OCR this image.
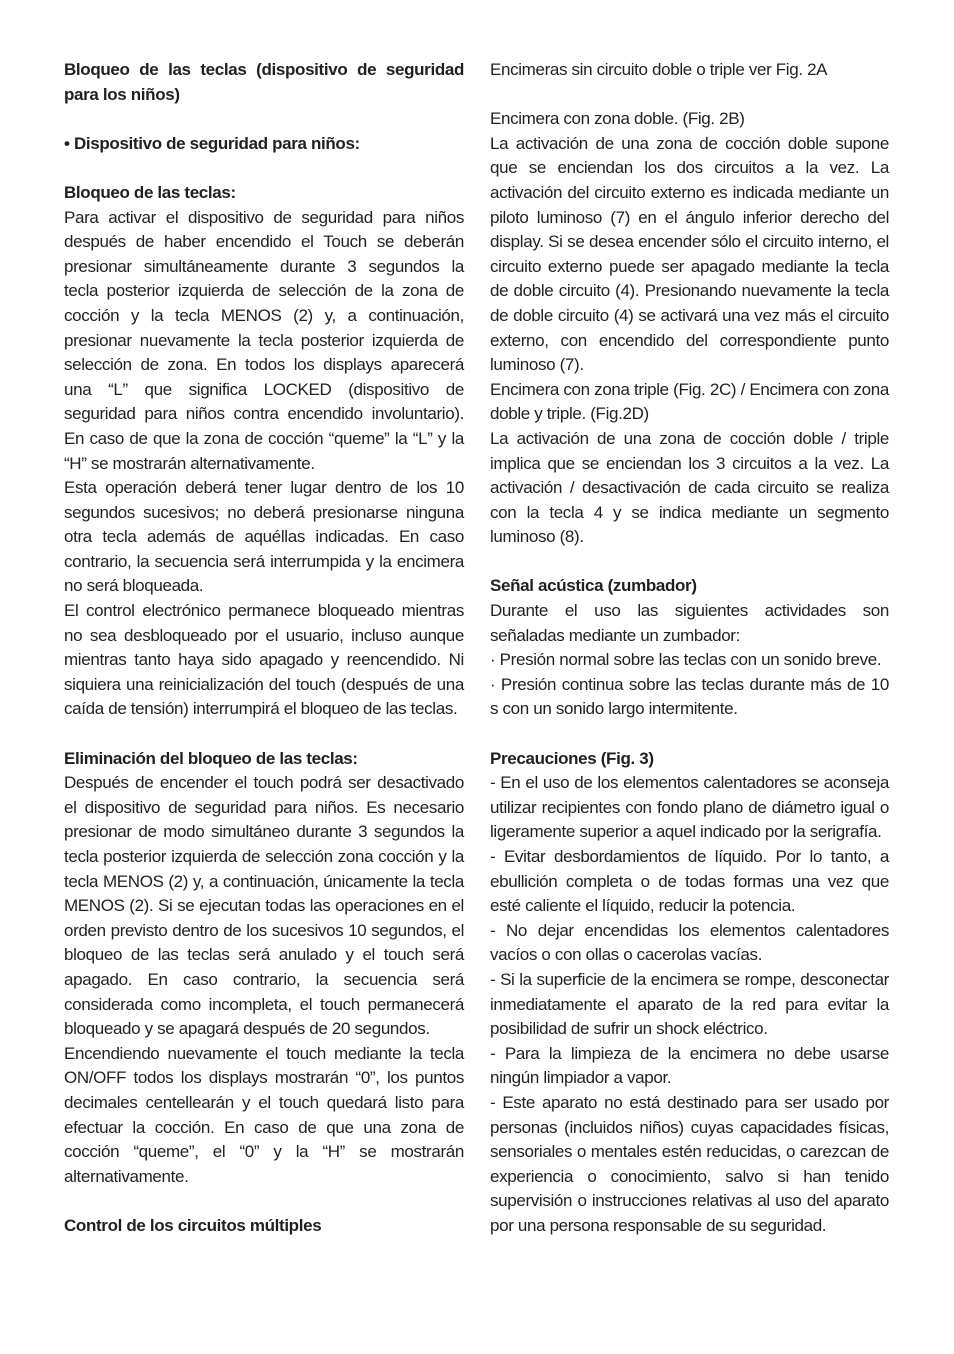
Bloqueo de las teclas (dispositivo de seguridad para los niños)

• Dispositivo de seguridad para niños:

Bloqueo de las teclas:

Para activar el dispositivo de seguridad para niños después de haber encendido el Touch se deberán presionar simultáneamente durante 3 segundos la tecla posterior izquierda de selección de la zona de cocción y la tecla MENOS (2) y, a continuación, presionar nuevamente la tecla posterior izquierda de selección de zona. En todos los displays aparecerá una “L” que significa LOCKED (dispositivo de seguridad para niños contra encendido involuntario). En caso de que la zona de cocción “queme” la “L” y la “H” se mostrarán alternativamente.

Esta operación deberá tener lugar dentro de los 10 segundos sucesivos; no deberá presionarse ninguna otra tecla además de aquéllas indicadas. En caso contrario, la secuencia será interrumpida y la encimera no será bloqueada.

El control electrónico permanece bloqueado mientras no sea desbloqueado por el usuario, incluso aunque mientras tanto haya sido apagado y reencendido. Ni siquiera una reinicialización del touch (después de una caída de tensión) interrumpirá el bloqueo de las teclas.

Eliminación del bloqueo de las teclas:

Después de encender el touch podrá ser desactivado el dispositivo de seguridad para niños. Es necesario presionar de modo simultáneo durante 3 segundos la tecla posterior izquierda de selección zona cocción y la tecla MENOS (2) y, a continuación, únicamente la tecla MENOS (2). Si se ejecutan todas las operaciones en el orden previsto dentro de los sucesivos 10 segundos, el bloqueo de las teclas será anulado y el touch será apagado. En caso contrario, la secuencia será considerada como incompleta, el touch permanecerá bloqueado y se apagará después de 20 segundos.

Encendiendo nuevamente el touch mediante la tecla ON/OFF todos los displays mostrarán “0”, los puntos decimales centellearán y el touch quedará listo para efectuar la cocción. En caso de que una zona de cocción “queme”, el “0” y la “H” se mostrarán alternativamente.

Control de los circuitos múltiples

Encimeras sin circuito doble o triple ver Fig. 2A

Encimera con zona doble. (Fig. 2B)

La activación de una zona de cocción doble supone que se enciendan los dos circuitos a la vez. La activación del circuito externo es indicada mediante un piloto luminoso (7) en el ángulo inferior derecho del display. Si se desea encender sólo el circuito interno, el circuito externo puede ser apagado mediante la tecla de doble circuito (4). Presionando nuevamente la tecla de doble circuito (4) se activará una vez más el circuito externo, con encendido del correspondiente punto luminoso (7).

Encimera con zona triple (Fig. 2C) / Encimera con zona doble y triple. (Fig.2D)

La activación de una zona de cocción doble / triple implica que se enciendan los 3 circuitos a la vez. La activación / desactivación de cada circuito se realiza con la tecla 4 y se indica mediante un segmento luminoso (8).

Señal acústica (zumbador)

Durante el uso las siguientes actividades son señaladas mediante un zumbador:

· Presión normal sobre las teclas con un sonido breve.

· Presión continua sobre las teclas durante más de 10 s con un sonido largo intermitente.

Precauciones (Fig. 3)

- En el uso de los elementos calentadores se aconseja utilizar recipientes con fondo plano de diámetro igual o ligeramente superior a aquel indicado por la serigrafía.

- Evitar desbordamientos de líquido. Por lo tanto, a ebullición completa o de todas formas una vez que esté caliente el líquido, reducir la potencia.

- No dejar encendidas los elementos calentadores vacíos o con ollas o cacerolas vacías.

- Si la superficie de la encimera se rompe, desconectar inmediatamente el aparato de la red para evitar la posibilidad de sufrir un shock eléctrico.

- Para la limpieza de la encimera no debe usarse ningún limpiador a vapor.

- Este aparato no está destinado para ser usado por personas (incluidos niños) cuyas capacidades físicas, sensoriales o mentales estén reducidas, o carezcan de experiencia o conocimiento, salvo si han tenido supervisión o instrucciones relativas al uso del aparato por una persona responsable de su seguridad.
